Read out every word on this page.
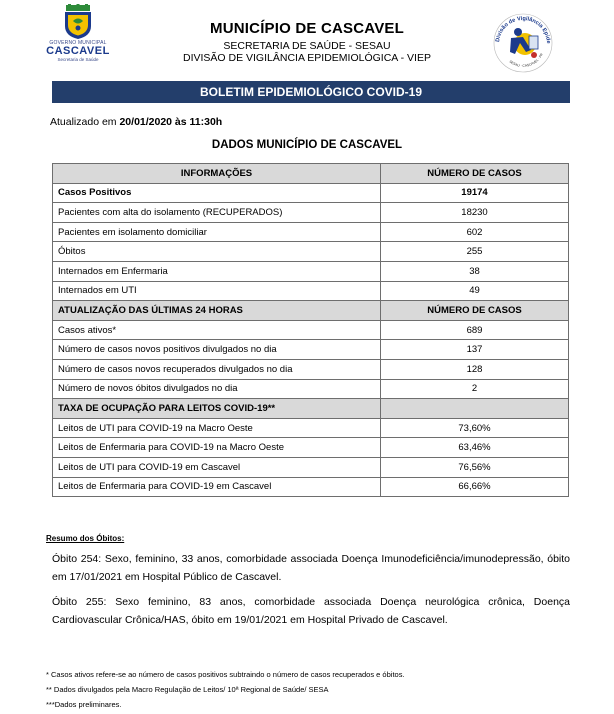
GOVERNO MUNICIPAL
CASCAVEL
Secretaria de Saúde
MUNICÍPIO DE CASCAVEL
SECRETARIA DE SAÚDE - SESAU
DIVISÃO DE VIGILÂNCIA EPIDEMIOLÓGICA - VIEP
Divisão de Vigilância Epide
SESAU · CASCAVEL · PR
BOLETIM EPIDEMIOLÓGICO COVID-19
Atualizado em 20/01/2020 às 11:30h
DADOS MUNICÍPIO DE CASCAVEL
INFORMAÇÕES	NÚMERO DE CASOS
Casos Positivos	19174
Pacientes com alta do isolamento (RECUPERADOS)	18230
Pacientes em isolamento domiciliar	602
Óbitos	255
Internados em Enfermaria	38
Internados em UTI	49
ATUALIZAÇÃO DAS ÚLTIMAS 24 HORAS	NÚMERO DE CASOS
Casos ativos*	689
Número de casos novos positivos divulgados no dia	137
Número de casos novos recuperados divulgados no dia	128
Número de novos óbitos divulgados no dia	2
TAXA DE OCUPAÇÃO PARA LEITOS COVID-19**	
Leitos de UTI para COVID-19 na Macro Oeste	73,60%
Leitos de Enfermaria para COVID-19 na Macro Oeste	63,46%
Leitos de UTI para COVID-19 em Cascavel	76,56%
Leitos de Enfermaria para COVID-19 em Cascavel	66,66%
Resumo dos Óbitos:
Óbito 254: Sexo, feminino, 33 anos, comorbidade associada Doença Imunodeficiência/imunodepressão, óbito em 17/01/2021 em Hospital Público de Cascavel.
Óbito 255: Sexo feminino, 83 anos, comorbidade associada Doença neurológica crônica, Doença Cardiovascular Crônica/HAS, óbito em 19/01/2021 em Hospital Privado de Cascavel.
* Casos ativos refere-se ao número de casos positivos subtraindo o número de casos recuperados e óbitos.
** Dados divulgados pela Macro Regulação de Leitos/ 10ª Regional de Saúde/ SESA
***Dados preliminares.
